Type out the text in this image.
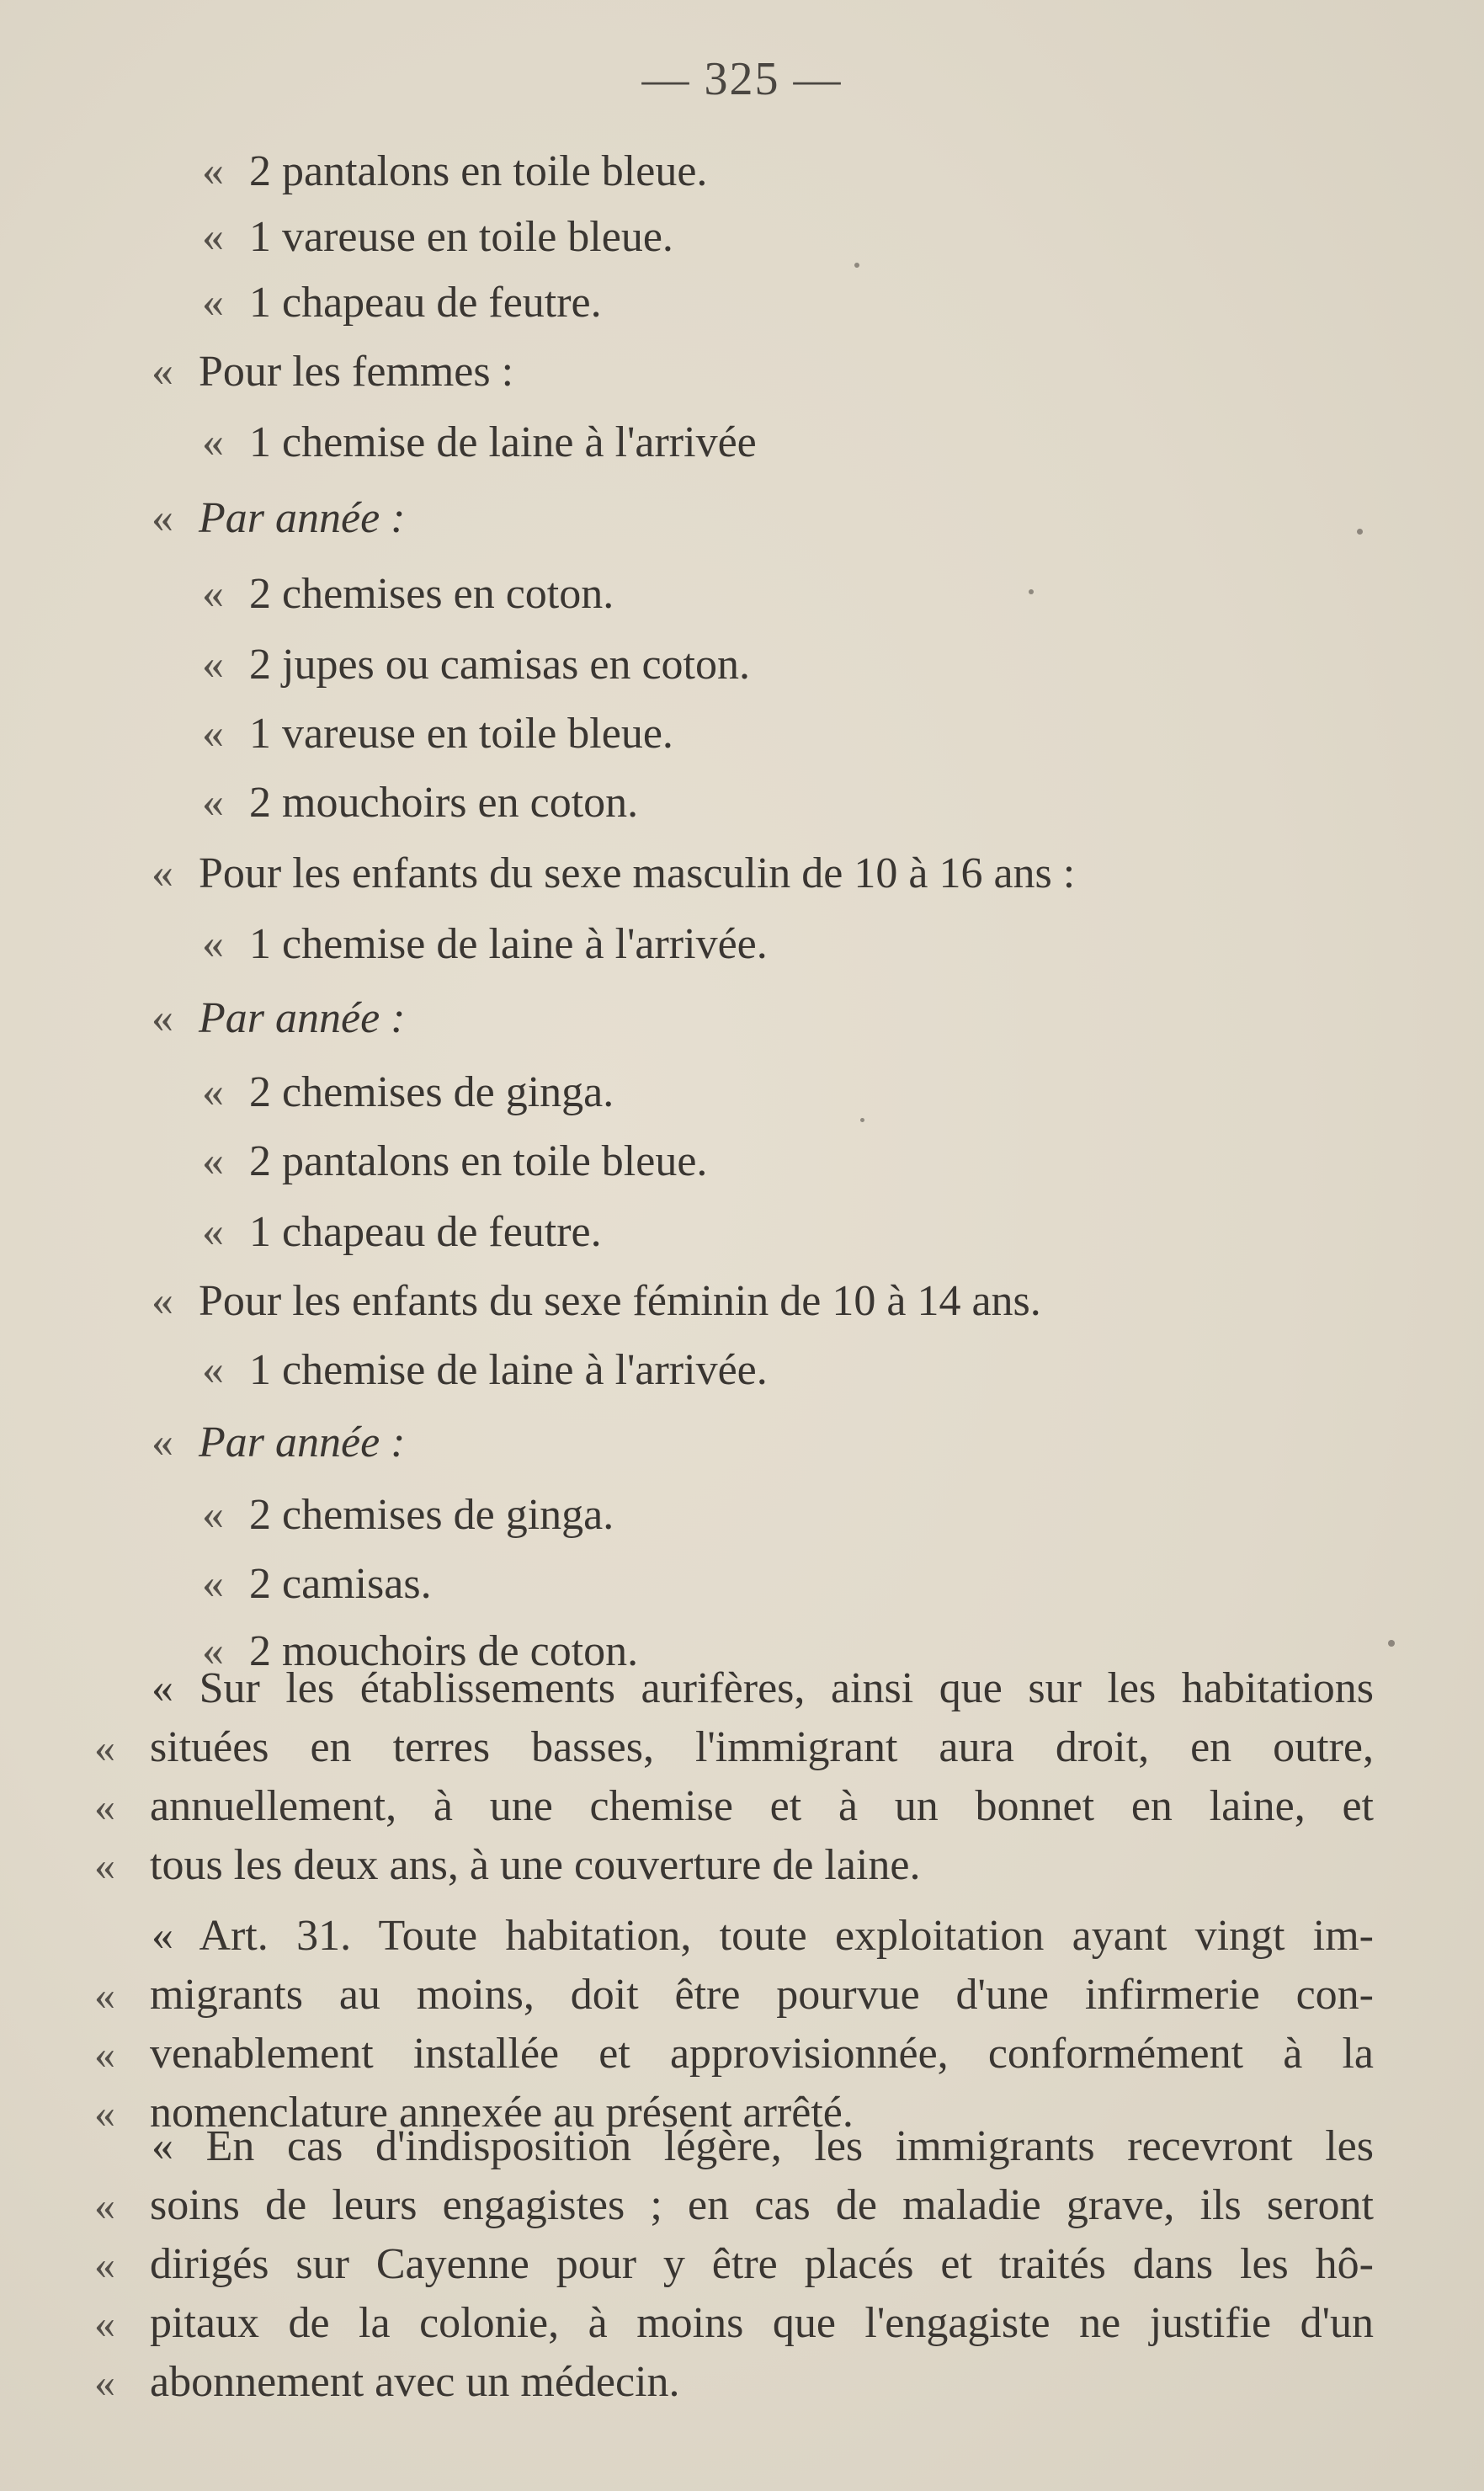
— 325 —
« 2 pantalons en toile bleue.
« 1 vareuse en toile bleue.
« 1 chapeau de feutre.
« Pour les femmes :
« 1 chemise de laine à l'arrivée
« Par année :
« 2 chemises en coton.
« 2 jupes ou camisas en coton.
« 1 vareuse en toile bleue.
« 2 mouchoirs en coton.
« Pour les enfants du sexe masculin de 10 à 16 ans :
« 1 chemise de laine à l'arrivée.
« Par année :
« 2 chemises de ginga.
« 2 pantalons en toile bleue.
« 1 chapeau de feutre.
« Pour les enfants du sexe féminin de 10 à 14 ans.
« 1 chemise de laine à l'arrivée.
« Par année :
« 2 chemises de ginga.
« 2 camisas.
« 2 mouchoirs de coton.
« Sur les établissements aurifères, ainsi que sur les habitations
« situées en terres basses, l'immigrant aura droit, en outre,
« annuellement, à une chemise et à un bonnet en laine, et
« tous les deux ans, à une couverture de laine.
« Art. 31. Toute habitation, toute exploitation ayant vingt im-
« migrants au moins, doit être pourvue d'une infirmerie con-
« venablement installée et approvisionnée, conformément à la
« nomenclature annexée au présent arrêté.
« En cas d'indisposition légère, les immigrants recevront les
« soins de leurs engagistes ; en cas de maladie grave, ils seront
« dirigés sur Cayenne pour y être placés et traités dans les hô-
« pitaux de la colonie, à moins que l'engagiste ne justifie d'un
« abonnement avec un médecin.
